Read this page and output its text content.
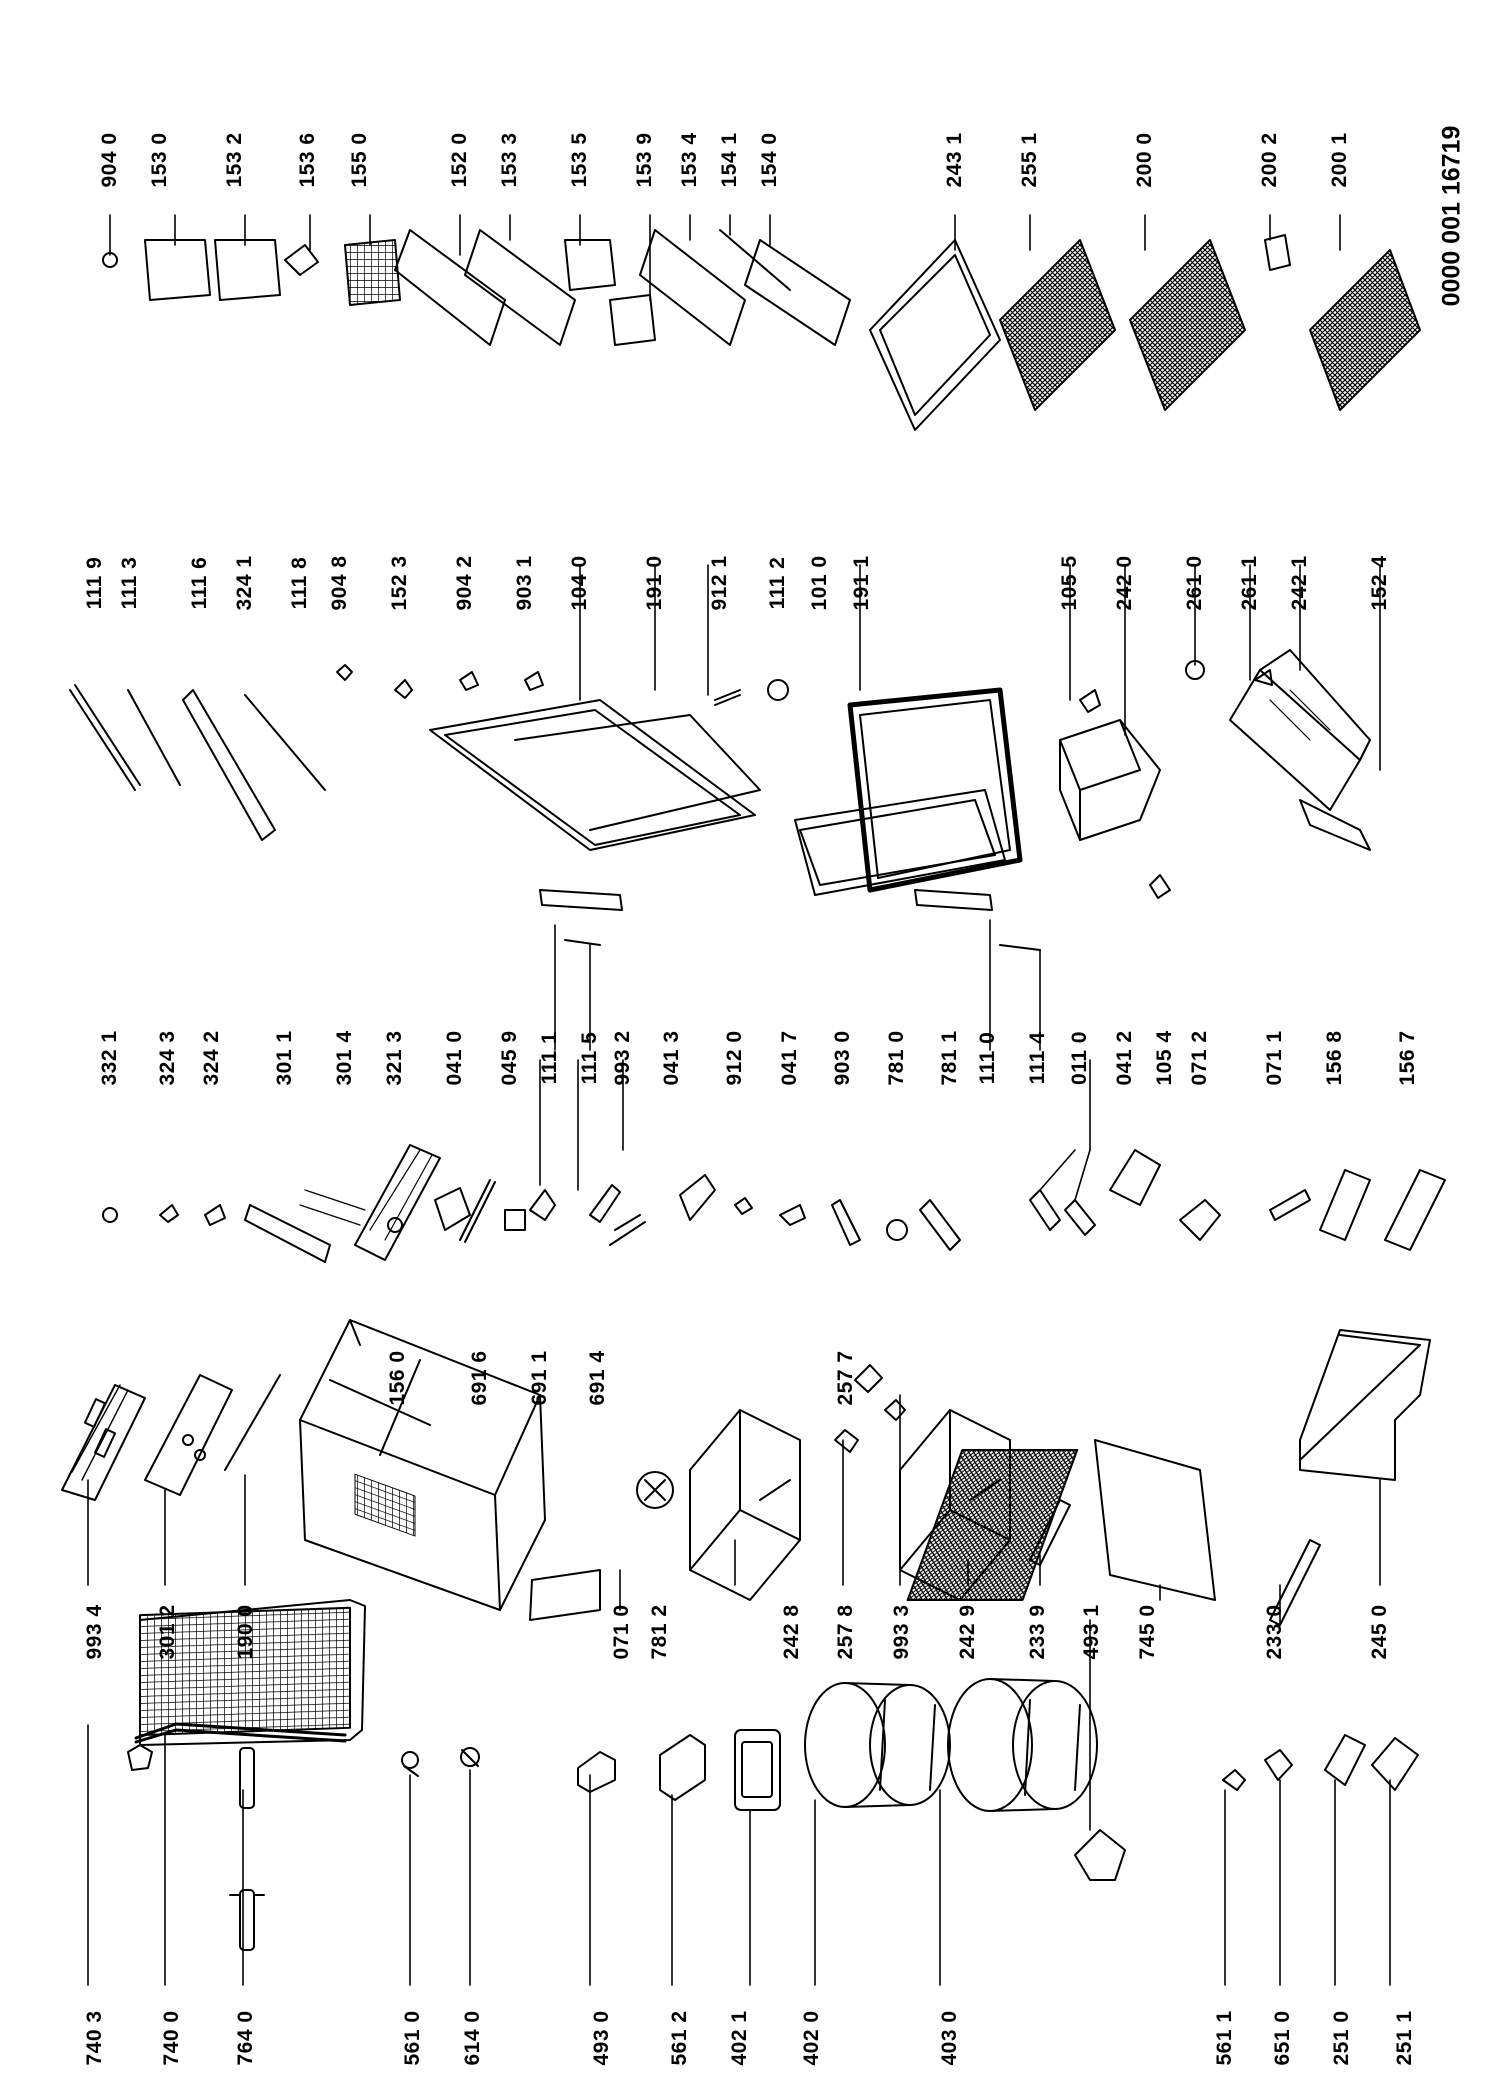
740 3	740 0 764 0	561 0 614 0	493 0	561 2 402 1 402 0	403 0	561 1 651 0 251 0 251 1
993 4 301 2	190 0	071 0 781 2	242 8 257 8 993 3 242 9 233 9 493 1 745 0	233 0	245 0
156 0	691 6 691 1 691 4	257 7
332 1 324 3 324 2 301 1 301 4 321 3 041 0 045 9 111 1 111 5 993 2 041 3 912 0 041 7 903 0 781 0 781 1 111 0 111 4 011 0 041 2 105 4 071 2 071 1 156 8 156 7
111 9 111 3 111 6 324 1 111 8 904 8 152 3 904 2 903 1 104 0 191 0 912 1 111 2 101 0 191 1	105 5 242 0 261 0 261 1 242 1	152 4
904 0 153 0 153 2 153 6 155 0	152 0 153 3 153 5 153 9 153 4 154 1 154 0	243 1 255 1	200 0	200 2 200 1	0000 001 16719
